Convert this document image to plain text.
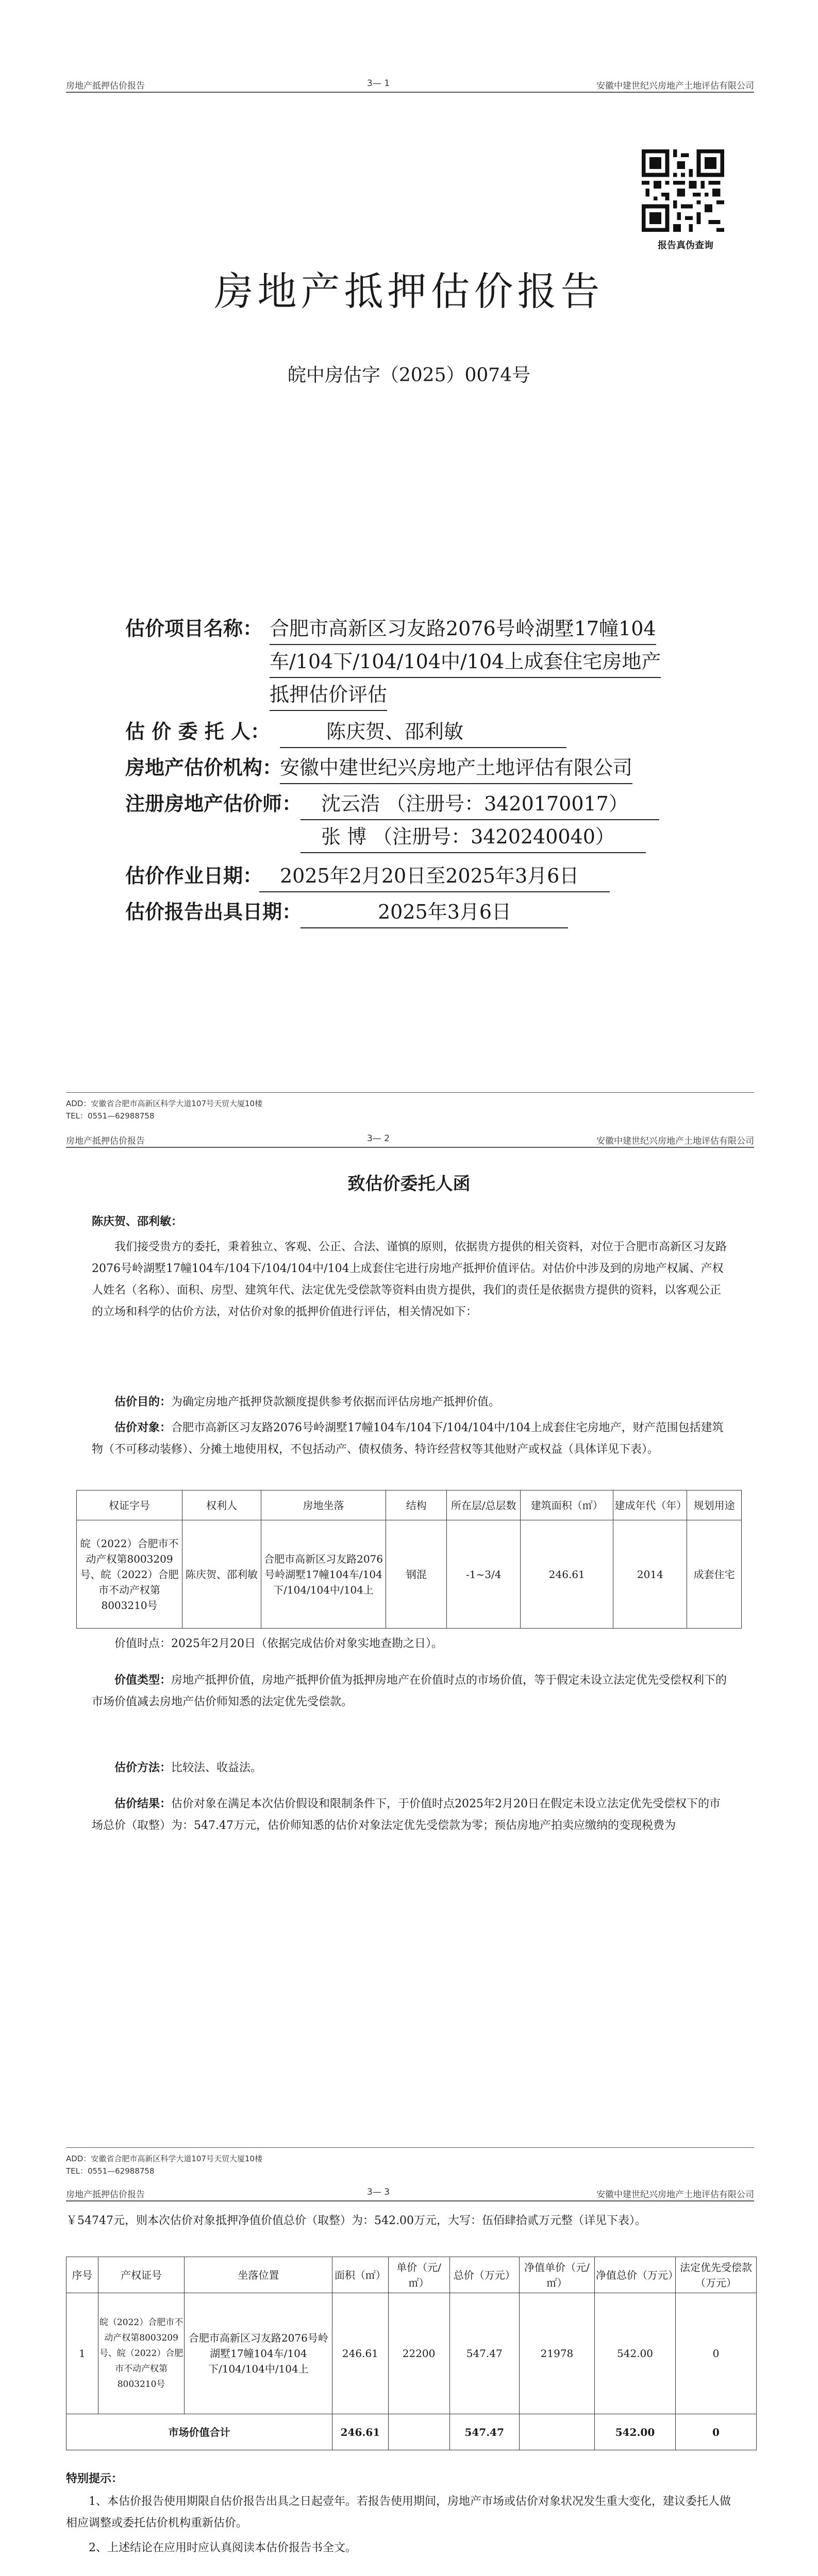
房地产抵押估价报告	3— 1	安徽中建世纪兴房地产土地评估有限公司
报告真伪查询
房地产抵押估价报告
皖中房估字（2025）0074号
估价项目名称： 合肥市高新区习友路2076号岭湖墅17幢104
车/104下/104/104中/104上成套住宅房地产
抵押估价评估
估 价 委 托 人：	陈庆贺、邵利敏
房地产估价机构：
安徽中建世纪兴房地产土地评估有限公司
注册房地产估价师： 沈云浩 （注册号：3420170017）
张 博 （注册号：3420240040）
估价作业日期： 2025年2月20日至2025年3月6日
估价报告出具日期：	2025年3月6日
ADD：安徽省合肥市高新区科学大道107号天贸大厦10楼
TEL：0551—62988758
房地产抵押估价报告	3— 2	安徽中建世纪兴房地产土地评估有限公司
致估价委托人函
陈庆贺、邵利敏：
我们接受贵方的委托，秉着独立、客观、公正、合法、谨慎的原则，依据贵方提供的相关资料，对位于合肥市高新区习友路2076号岭湖墅17幢104车/104下/104/104中/104上成套住宅进行房地产抵押价值评估。对估价中涉及到的房地产权属、产权人姓名（名称）、面积、房型、建筑年代、法定优先受偿款等资料由贵方提供，我们的责任是依据贵方提供的资料，以客观公正的立场和科学的估价方法，对估价对象的抵押价值进行评估，相关情况如下：
估价目的：为确定房地产抵押贷款额度提供参考依据而评估房地产抵押价值。
估价对象：合肥市高新区习友路2076号岭湖墅17幢104车/104下/104/104中/104上成套住宅房地产，财产范围包括建筑物（不可移动装修）、分摊土地使用权，不包括动产、债权债务、特许经营权等其他财产或权益（具体详见下表）。
权证字号	权利人	房地坐落	结构	所在层/总层数	建筑面积（㎡）	建成年代（年）	规划用途
皖（2022）合肥市不动产权第8003209号、皖（2022）合肥市不动产权第8003210号	陈庆贺、邵利敏	合肥市高新区习友路2076号岭湖墅17幢104车/104下/104/104中/104上	钢混	-1~3/4	246.61	2014	成套住宅
价值时点：2025年2月20日（依据完成估价对象实地查勘之日）。
价值类型：房地产抵押价值，房地产抵押价值为抵押房地产在价值时点的市场价值，等于假定未设立法定优先受偿权利下的市场价值减去房地产估价师知悉的法定优先受偿款。
估价方法：比较法、收益法。
估价结果：估价对象在满足本次估价假设和限制条件下，于价值时点2025年2月20日在假定未设立法定优先受偿权下的市场总价（取整）为：547.47万元，估价师知悉的估价对象法定优先受偿款为零；预估房地产拍卖应缴纳的变现税费为
ADD：安徽省合肥市高新区科学大道107号天贸大厦10楼
TEL：0551—62988758
房地产抵押估价报告	3— 3	安徽中建世纪兴房地产土地评估有限公司
￥54747元，则本次估价对象抵押净值价值总价（取整）为：542.00万元，大写：伍佰肆拾贰万元整（详见下表）。
序号	产权证号	坐落位置	面积（㎡）	单价（元/㎡）	总价（万元）	净值单价（元/㎡）	净值总价（万元）	法定优先受偿款（万元）
1	皖（2022）合肥市不动产权第8003209号、皖（2022）合肥市不动产权第8003210号	合肥市高新区习友路2076号岭湖墅17幢104车/104下/104/104中/104上	246.61	22200	547.47	21978	542.00	0
市场价值合计			246.61		547.47		542.00	0
特别提示：
1、本估价报告使用期限自估价报告出具之日起壹年。若报告使用期间，房地产市场或估价对象状况发生重大变化，建议委托人做相应调整或委托估价机构重新估价。
2、上述结论在应用时应认真阅读本估价报告书全文。
